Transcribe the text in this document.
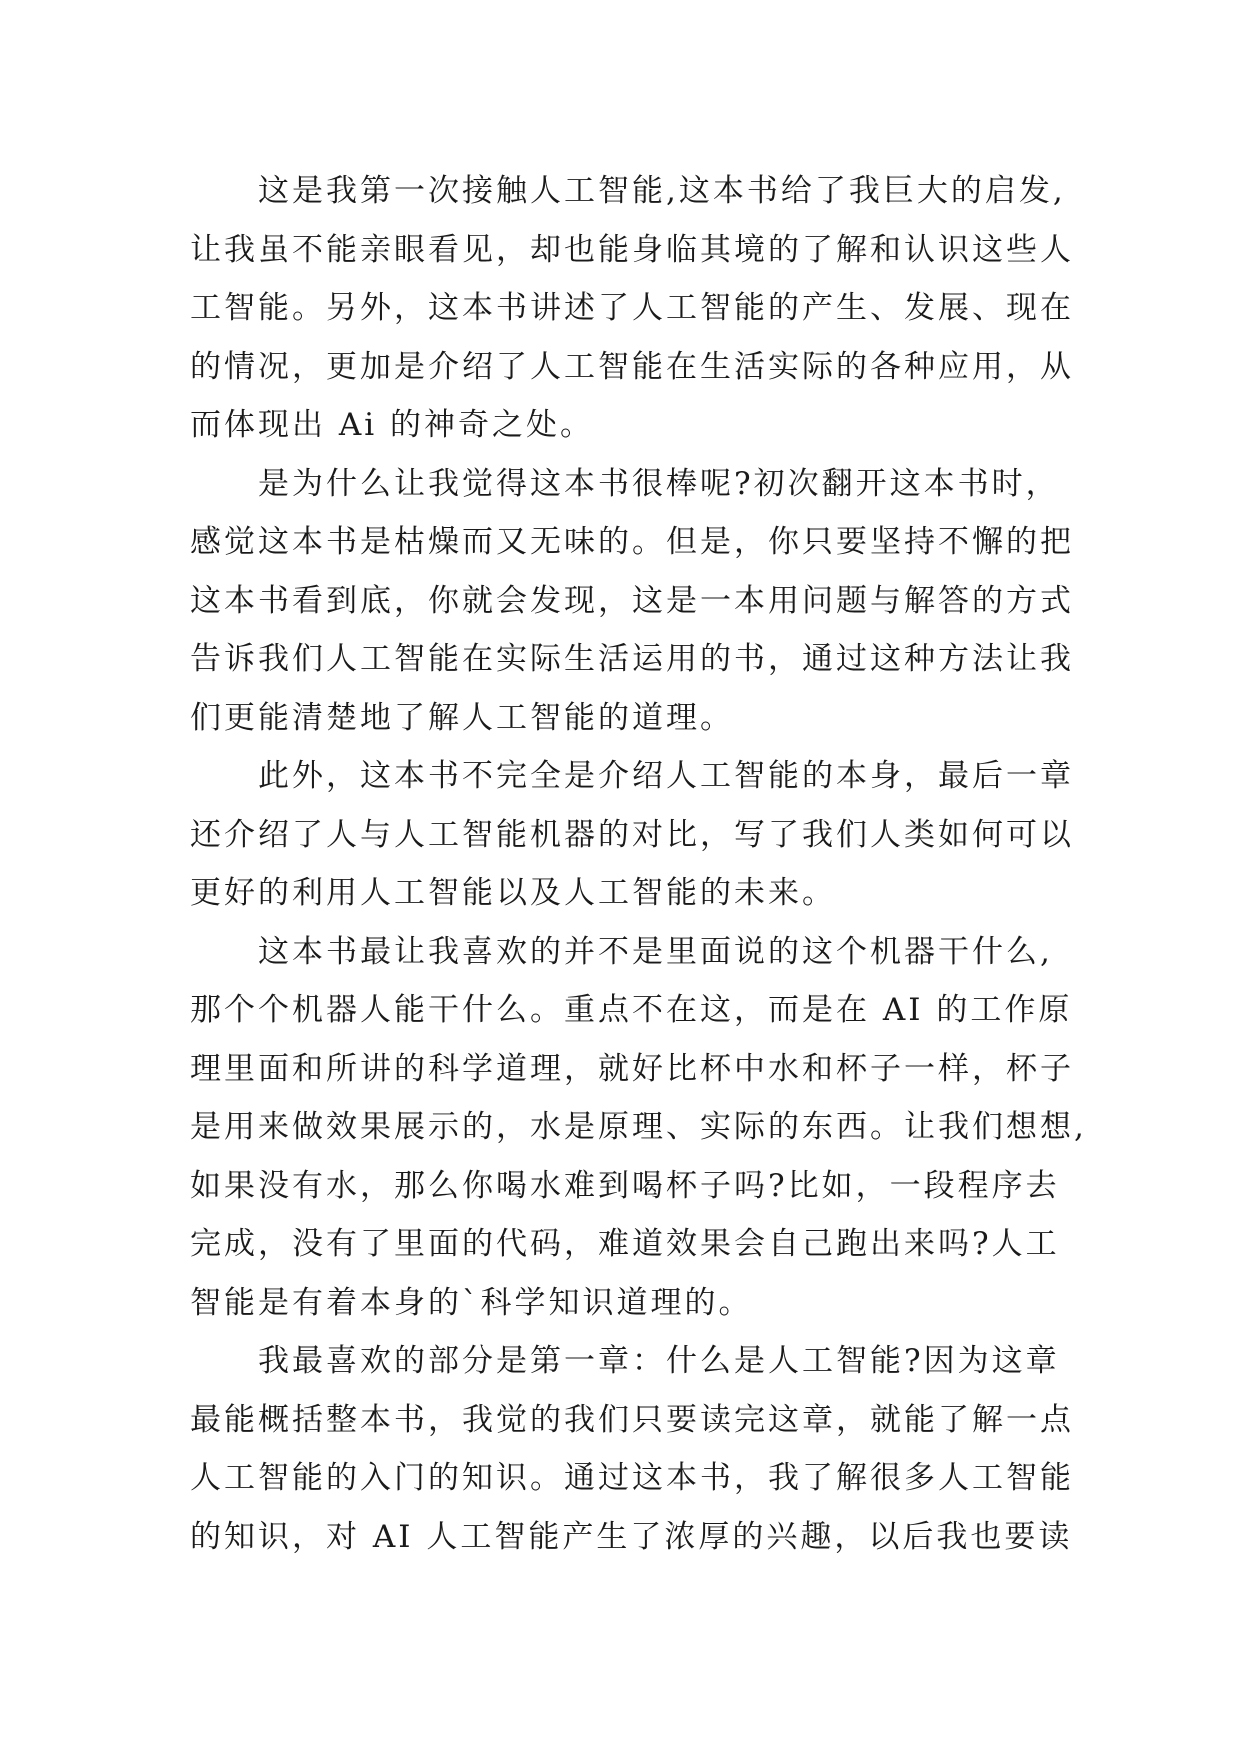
这是我第一次接触人工智能,这本书给了我巨大的启发,
让我虽不能亲眼看见，却也能身临其境的了解和认识这些人
工智能。另外，这本书讲述了人工智能的产生、发展、现在
的情况，更加是介绍了人工智能在生活实际的各种应用，从
而体现出 Ai 的神奇之处。
是为什么让我觉得这本书很棒呢?初次翻开这本书时，
感觉这本书是枯燥而又无味的。但是，你只要坚持不懈的把
这本书看到底，你就会发现，这是一本用问题与解答的方式
告诉我们人工智能在实际生活运用的书，通过这种方法让我
们更能清楚地了解人工智能的道理。
此外，这本书不完全是介绍人工智能的本身，最后一章
还介绍了人与人工智能机器的对比，写了我们人类如何可以
更好的利用人工智能以及人工智能的未来。
这本书最让我喜欢的并不是里面说的这个机器干什么,
那个个机器人能干什么。重点不在这，而是在 AI 的工作原
理里面和所讲的科学道理，就好比杯中水和杯子一样，杯子
是用来做效果展示的，水是原理、实际的东西。让我们想想,
如果没有水，那么你喝水难到喝杯子吗?比如，一段程序去
完成，没有了里面的代码，难道效果会自己跑出来吗?人工
智能是有着本身的`科学知识道理的。
我最喜欢的部分是第一章：什么是人工智能?因为这章
最能概括整本书，我觉的我们只要读完这章，就能了解一点
人工智能的入门的知识。通过这本书，我了解很多人工智能
的知识，对 AI 人工智能产生了浓厚的兴趣，以后我也要读
